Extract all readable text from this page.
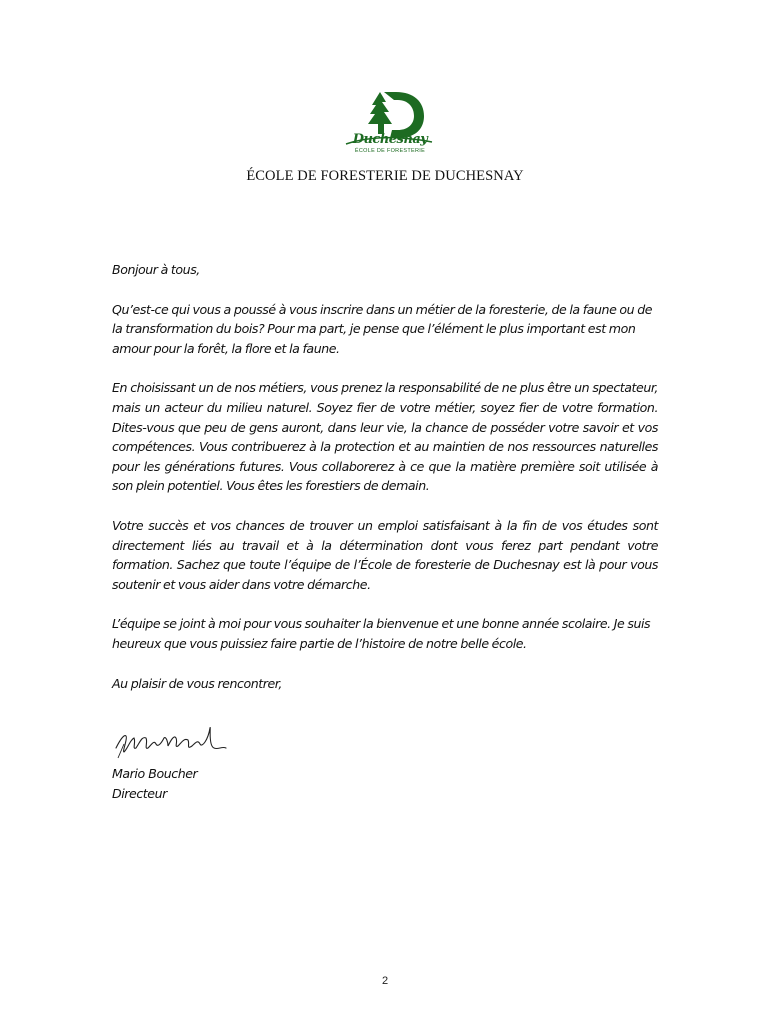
Duchesnay
ÉCOLE DE FORESTERIE
ÉCOLE DE FORESTERIE DE DUCHESNAY

Bonjour à tous,

Qu’est-ce qui vous a poussé à vous inscrire dans un métier de la foresterie, de la faune ou de la transformation du bois? Pour ma part, je pense que l’élément le plus important est mon amour pour la forêt, la flore et la faune.

En choisissant un de nos métiers, vous prenez la responsabilité de ne plus être un spectateur, mais un acteur du milieu naturel. Soyez fier de votre métier, soyez fier de votre formation. Dites-vous que peu de gens auront, dans leur vie, la chance de posséder votre savoir et vos compétences. Vous contribuerez à la protection et au maintien de nos ressources naturelles pour les générations futures. Vous collaborerez à ce que la matière première soit utilisée à son plein potentiel. Vous êtes les forestiers de demain.

Votre succès et vos chances de trouver un emploi satisfaisant à la fin de vos études sont directement liés au travail et à la détermination dont vous ferez part pendant votre formation. Sachez que toute l’équipe de l’École de foresterie de Duchesnay est là pour vous soutenir et vous aider dans votre démarche.

L’équipe se joint à moi pour vous souhaiter la bienvenue et une bonne année scolaire. Je suis heureux que vous puissiez faire partie de l’histoire de notre belle école.

Au plaisir de vous rencontrer,

Mario Boucher
Directeur
2
